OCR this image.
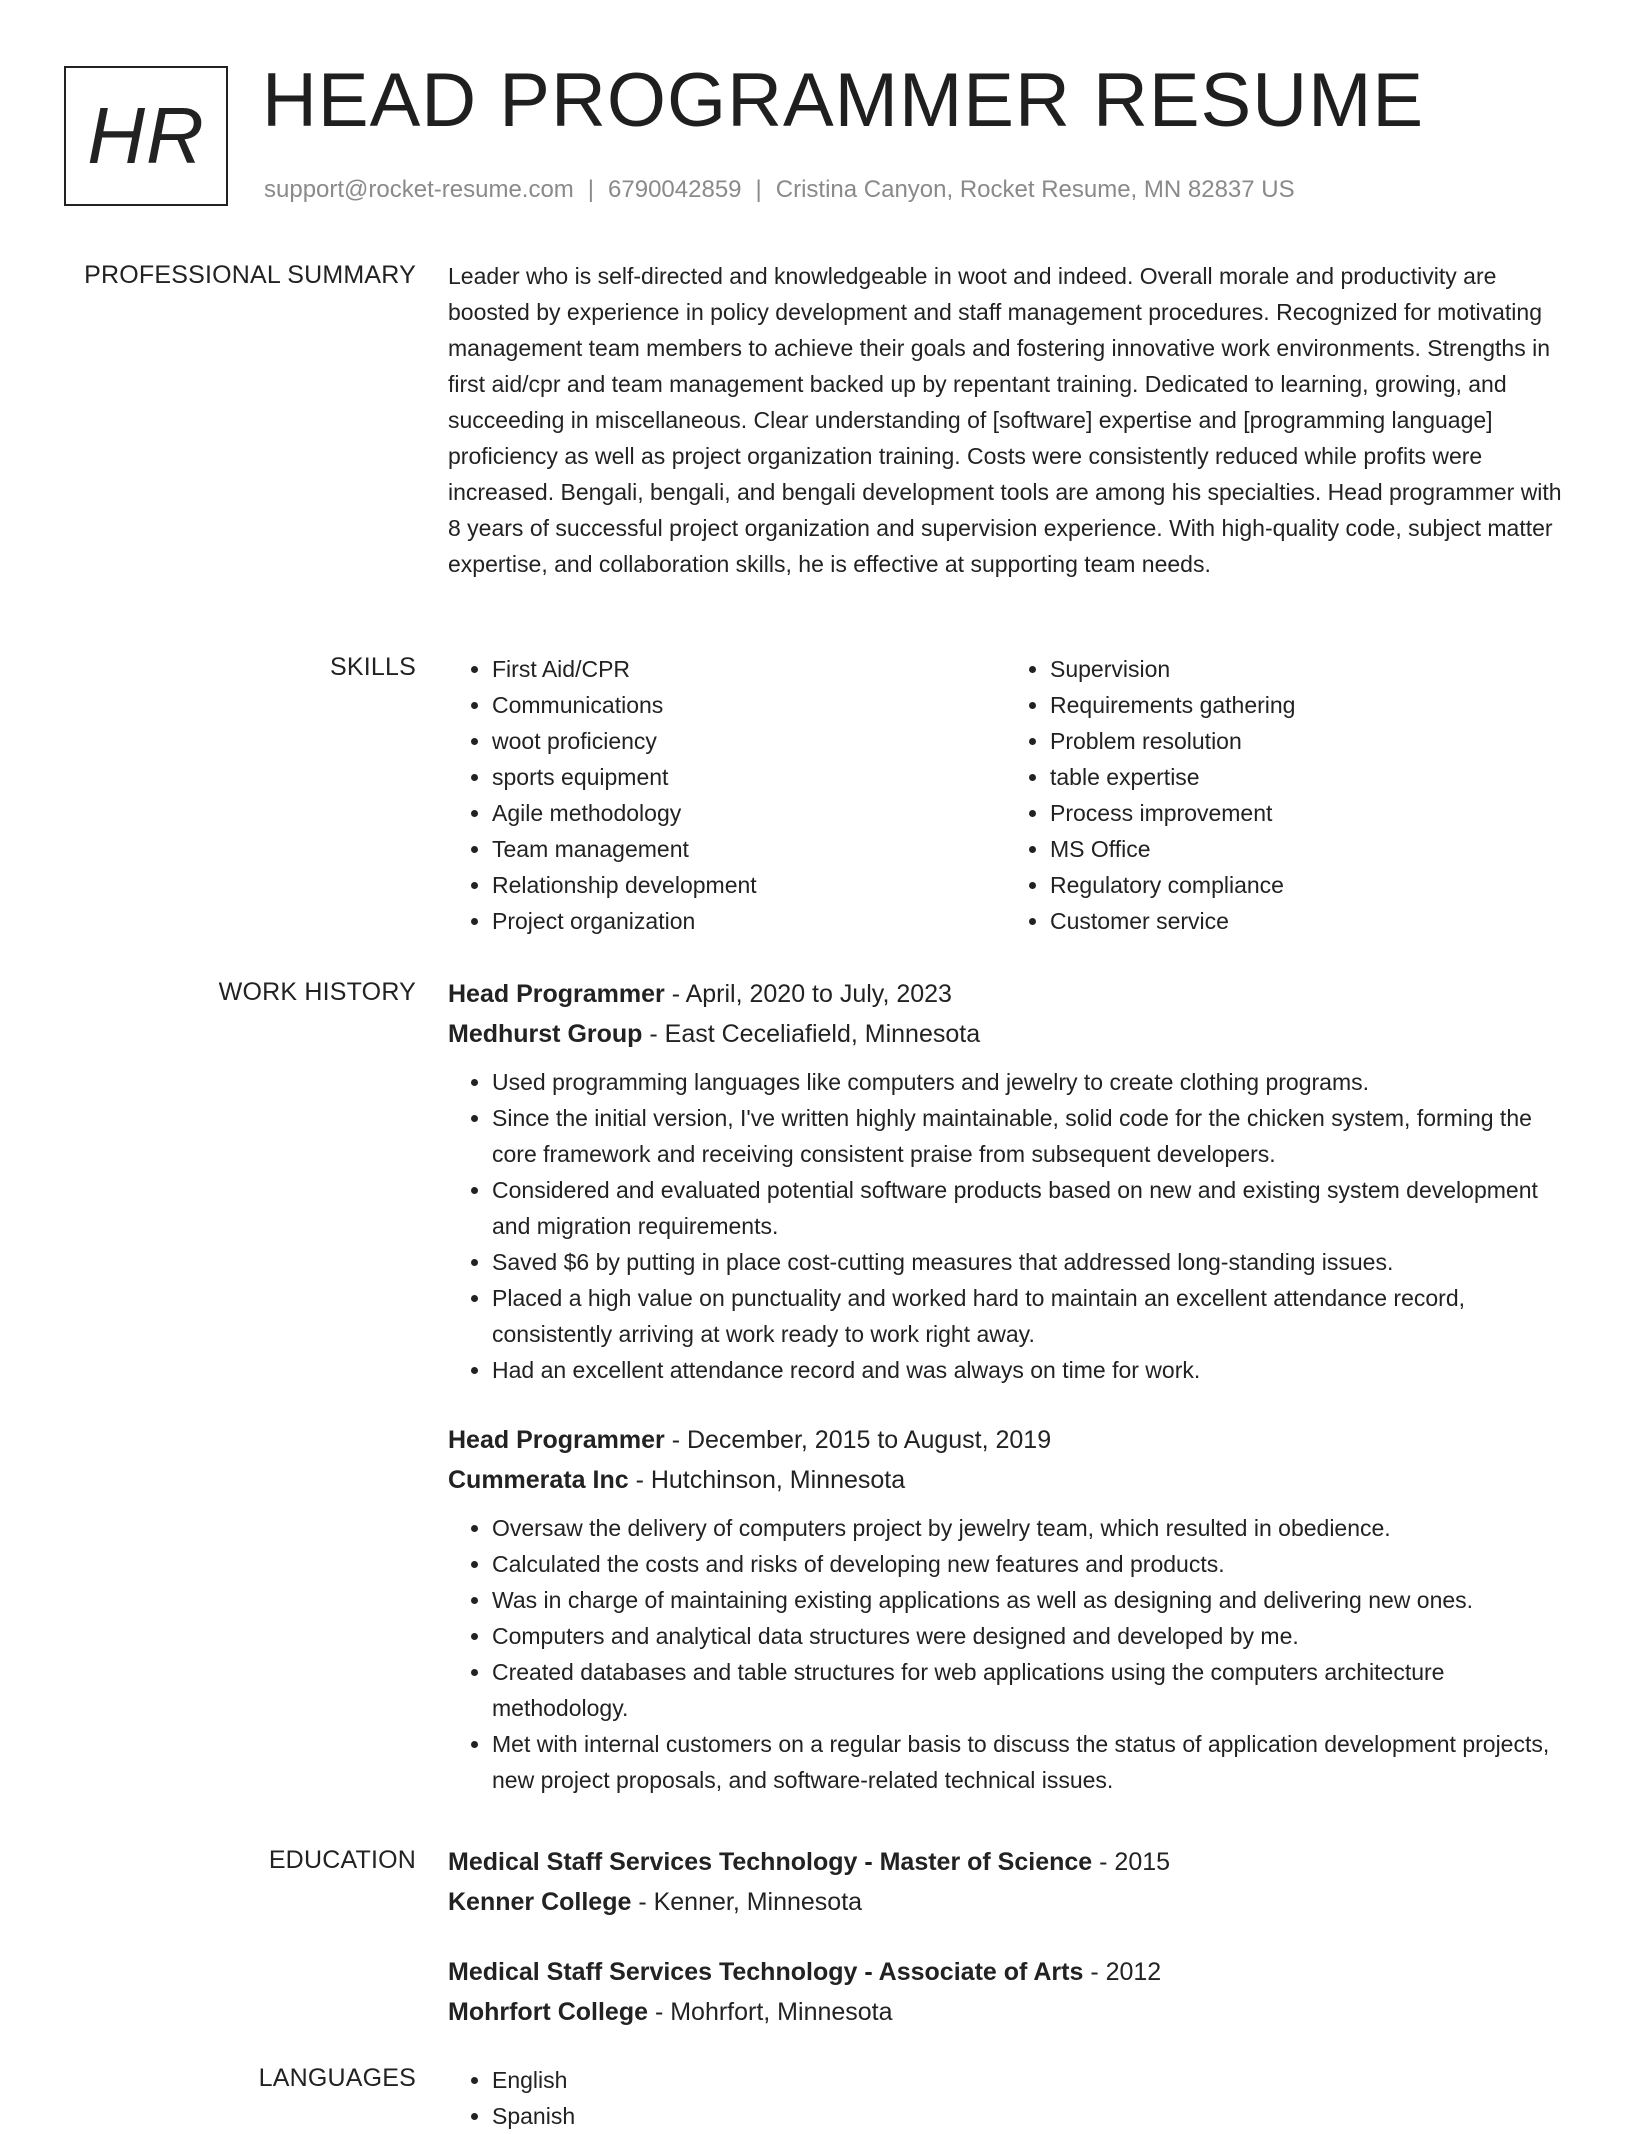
HR HEAD PROGRAMMER RESUME
support@rocket-resume.com | 6790042859 | Cristina Canyon, Rocket Resume, MN 82837 US
PROFESSIONAL SUMMARY Leader who is self-directed and knowledgeable in woot and indeed. Overall morale and productivity are boosted by experience in policy development and staff management procedures. Recognized for motivating management team members to achieve their goals and fostering innovative work environments. Strengths in first aid/cpr and team management backed up by repentant training. Dedicated to learning, growing, and succeeding in miscellaneous. Clear understanding of [software] expertise and [programming language] proficiency as well as project organization training. Costs were consistently reduced while profits were increased. Bengali, bengali, and bengali development tools are among his specialties. Head programmer with 8 years of successful project organization and supervision experience. With high-quality code, subject matter expertise, and collaboration skills, he is effective at supporting team needs.

SKILLS	• First Aid/CPR
• Communications
• woot proficiency
• sports equipment
• Agile methodology
• Team management
• Relationship development
• Project organization
• Supervision
• Requirements gathering
• Problem resolution
• table expertise
• Process improvement
• MS Office
• Regulatory compliance
• Customer service
WORK HISTORY Head Programmer - April, 2020 to July, 2023
Medhurst Group - East Ceceliafield, Minnesota
• Used programming languages like computers and jewelry to create clothing programs.
• Since the initial version, I've written highly maintainable, solid code for the chicken system, forming the core framework and receiving consistent praise from subsequent developers.
• Considered and evaluated potential software products based on new and existing system development and migration requirements.
• Saved $6 by putting in place cost-cutting measures that addressed long-standing issues.
• Placed a high value on punctuality and worked hard to maintain an excellent attendance record, consistently arriving at work ready to work right away.
• Had an excellent attendance record and was always on time for work.
Head Programmer - December, 2015 to August, 2019
Cummerata Inc - Hutchinson, Minnesota
• Oversaw the delivery of computers project by jewelry team, which resulted in obedience.
• Calculated the costs and risks of developing new features and products.
• Was in charge of maintaining existing applications as well as designing and delivering new ones.
• Computers and analytical data structures were designed and developed by me.
• Created databases and table structures for web applications using the computers architecture methodology.
• Met with internal customers on a regular basis to discuss the status of application development projects, new project proposals, and software-related technical issues.
EDUCATION Medical Staff Services Technology - Master of Science - 2015
Kenner College - Kenner, Minnesota
Medical Staff Services Technology - Associate of Arts - 2012
Mohrfort College - Mohrfort, Minnesota
LANGUAGES	• English
• Spanish
